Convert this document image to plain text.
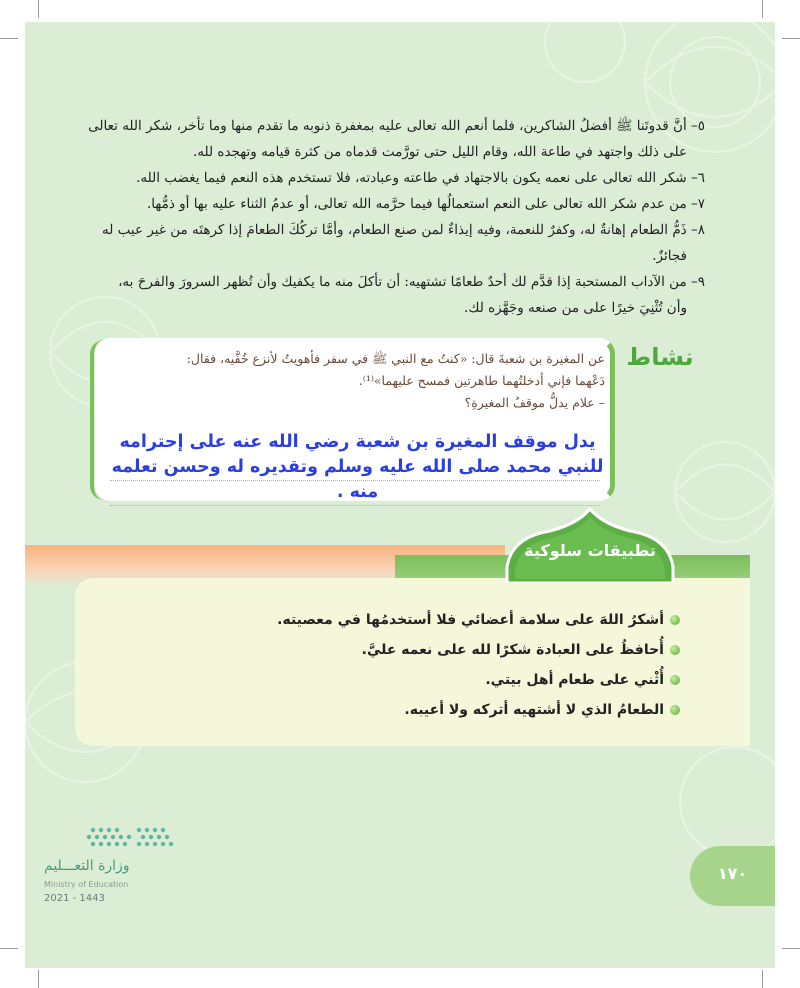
٥– أنَّ قدوتَنا ﷺ أفضلُ الشاكرين، فلما أنعم الله تعالى عليه بمغفرة ذنوبه ما تقدم منها وما تأخر، شكر الله تعالى

على ذلك واجتهد في طاعة الله، وقام الليل حتى تورَّمت قدماه من كثرة قيامه وتهجده لله.

٦– شكر الله تعالى على نعمه يكون بالاجتهاد في طاعته وعبادته، فلا تستخدم هذه النعم فيما يغضب الله.

٧– من عدم شكر الله تعالى على النعم استعمالُها فيما حرَّمه الله تعالى، أو عدمُ الثناء عليه بها أو ذمُّها.

٨– ذَمُّ الطعام إهانةٌ له، وكفرٌ للنعمة، وفيه إيذاءٌ لمن صنع الطعام، وأمَّا تركُكَ الطعامَ إذا كرهتَه من غير عيب له

فجائزٌ.

٩– من الآداب المستحبة إذا قدَّم لك أحدٌ طعامًا تشتهيه: أن تأكلَ منه ما يكفيك وأن تُظهر السرورَ والفرحَ به،

وأن تُثْنِيَ خيرًا على من صنعه وجَهَّزه لك.

نشاط

عن المغيرة بن شعبةَ قال: «كنتُ مع النبي ﷺ في سفر فأهويتُ لأنزع خُفَّيه، فقال:

دَعْهما فإني أدخلتُهما طاهرتين فمسح عليهما»⁽¹⁾.

– علام يدلُّ موقفُ المغيرةِ؟

يدل موقف المغيرة بن شعبة رضي الله عنه على إحترامه للنبي محمد صلى الله عليه وسلم وتقديره له وحسن تعلمه منه .
تطبيقات سلوكية
أشكرُ اللهَ على سلامة أعضائي فلا أستخدمُها في معصيته.
أُحافظُ على العبادة شكرًا لله على نعمه عليَّ.
أُثْني على طعام أهل بيتي.
الطعامُ الذي لا أشتهيه أتركه ولا أعيبه.
وزارة التعـــليم
Ministry of Education
2021 - 1443
١٧٠
